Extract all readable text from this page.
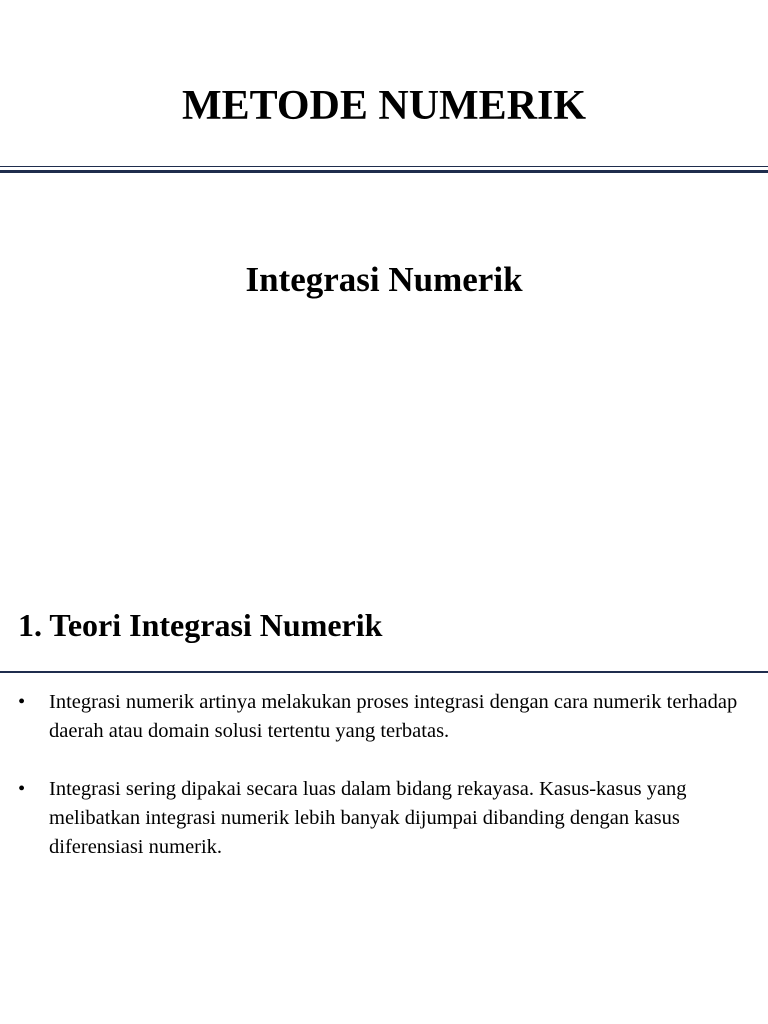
METODE NUMERIK
Integrasi Numerik
1. Teori Integrasi Numerik
•	Integrasi numerik artinya melakukan proses integrasi dengan cara numerik terhadap daerah atau domain solusi tertentu yang terbatas.
•	Integrasi sering dipakai secara luas dalam bidang rekayasa. Kasus-kasus yang melibatkan integrasi numerik lebih banyak dijumpai dibanding dengan kasus diferensiasi numerik.
